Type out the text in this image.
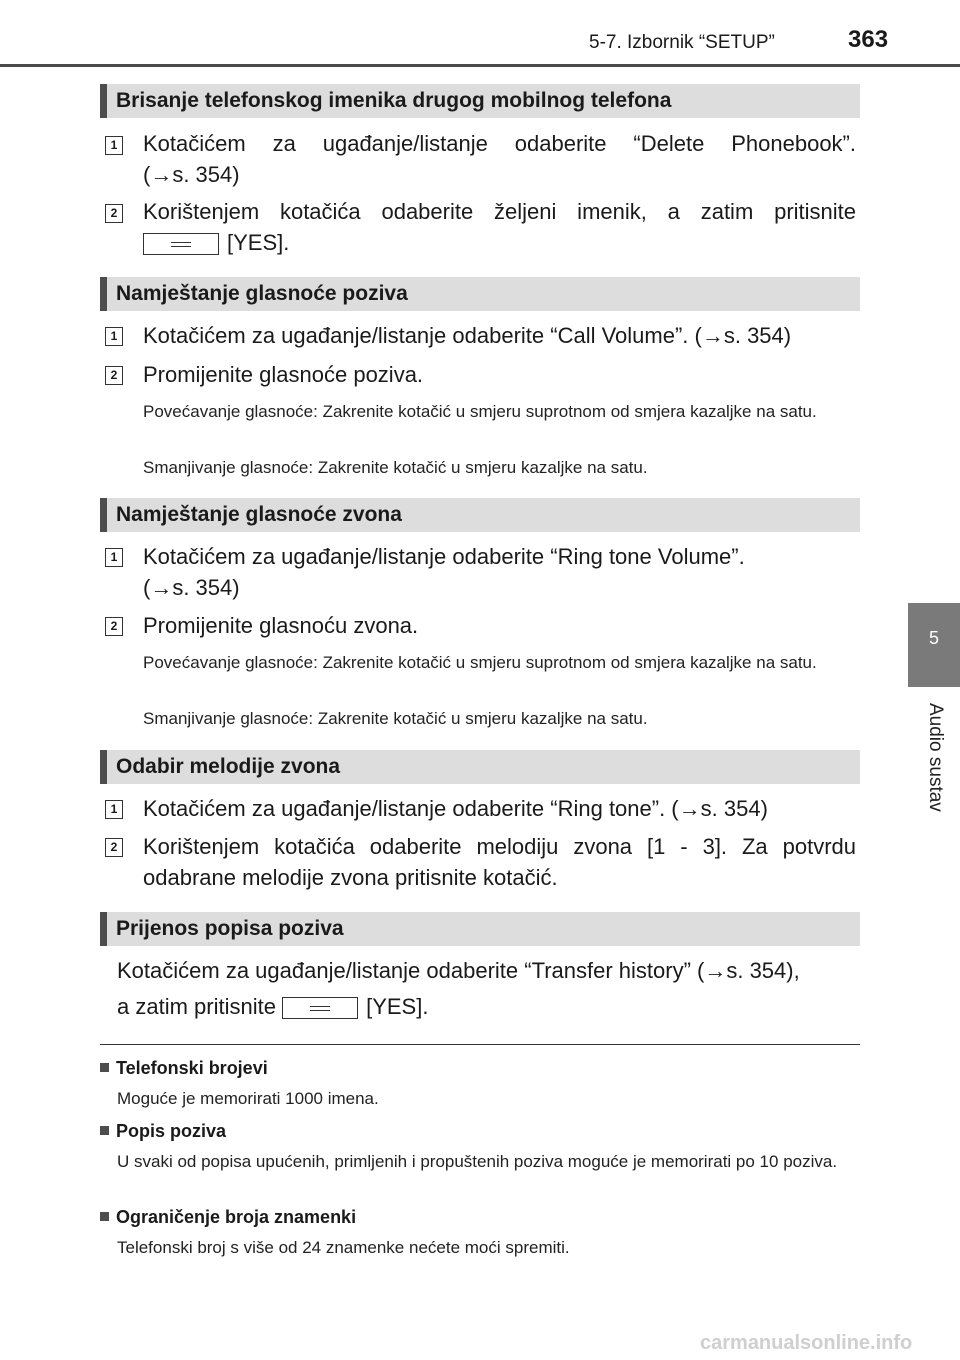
5-7. Izbornik “SETUP”	363
5
Audio sustav
Brisanje telefonskog imenika drugog mobilnog telefona
1 Kotačićem za ugađanje/listanje odaberite “Delete Phonebook”.
(→s. 354)
2 Korištenjem kotačića odaberite željeni imenik, a zatim pritisnite
[YES].
Namještanje glasnoće poziva
1 Kotačićem za ugađanje/listanje odaberite “Call Volume”. (→s. 354)
2 Promijenite glasnoće poziva.
Povećavanje glasnoće: Zakrenite kotačić u smjeru suprotnom od smjera kazaljke na satu.
Smanjivanje glasnoće: Zakrenite kotačić u smjeru kazaljke na satu.
Namještanje glasnoće zvona
1 Kotačićem za ugađanje/listanje odaberite “Ring tone Volume”.
(→s. 354)
2 Promijenite glasnoću zvona.
Povećavanje glasnoće: Zakrenite kotačić u smjeru suprotnom od smjera kazaljke na satu.
Smanjivanje glasnoće: Zakrenite kotačić u smjeru kazaljke na satu.
Odabir melodije zvona
1 Kotačićem za ugađanje/listanje odaberite “Ring tone”. (→s. 354)
2 Korištenjem kotačića odaberite melodiju zvona [1 - 3]. Za potvrdu odabrane melodije zvona pritisnite kotačić.
Prijenos popisa poziva
Kotačićem za ugađanje/listanje odaberite “Transfer history” (→s. 354),
a zatim pritisnite	[YES].
Telefonski brojevi
Moguće je memorirati 1000 imena.
Popis poziva
U svaki od popisa upućenih, primljenih i propuštenih poziva moguće je memorirati po 10 poziva.
Ograničenje broja znamenki
Telefonski broj s više od 24 znamenke nećete moći spremiti.
carmanualsonline.info
